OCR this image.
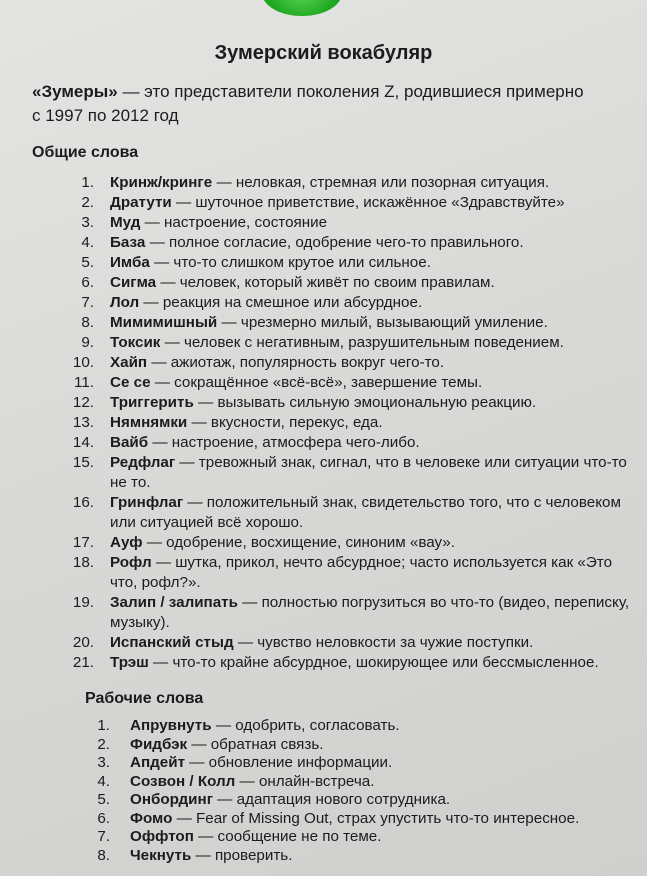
Зумерский вокабуляр
«Зумеры» — это представители поколения Z, родившиеся примерно с 1997 по 2012 год
Общие слова
1. Кринж/кринге — неловкая, стремная или позорная ситуация.
2. Дратути — шуточное приветствие, искажённое «Здравствуйте»
3. Муд — настроение, состояние
4. База — полное согласие, одобрение чего-то правильного.
5. Имба — что-то слишком крутое или сильное.
6. Сигма — человек, который живёт по своим правилам.
7. Лол — реакция на смешное или абсурдное.
8. Мимимишный — чрезмерно милый, вызывающий умиление.
9. Токсик — человек с негативным, разрушительным поведением.
10. Хайп — ажиотаж, популярность вокруг чего-то.
11. Се се — сокращённое «всё-всё», завершение темы.
12. Триггерить — вызывать сильную эмоциональную реакцию.
13. Нямнямки — вкусности, перекус, еда.
14. Вайб — настроение, атмосфера чего-либо.
15. Редфлаг — тревожный знак, сигнал, что в человеке или ситуации что-то не то.
16. Гринфлаг — положительный знак, свидетельство того, что с человеком или ситуацией всё хорошо.
17. Ауф — одобрение, восхищение, синоним «вау».
18. Рофл — шутка, прикол, нечто абсурдное; часто используется как «Это что, рофл?».
19. Залип / залипать — полностью погрузиться во что-то (видео, переписку, музыку).
20. Испанский стыд — чувство неловкости за чужие поступки.
21. Трэш — что-то крайне абсурдное, шокирующее или бессмысленное.
Рабочие слова
1. Апрувнуть — одобрить, согласовать.
2. Фидбэк — обратная связь.
3. Апдейт — обновление информации.
4. Созвон / Колл — онлайн-встреча.
5. Онбординг — адаптация нового сотрудника.
6. Фомо — Fear of Missing Out, страх упустить что-то интересное.
7. Оффтоп — сообщение не по теме.
8. Чекнуть — проверить.
